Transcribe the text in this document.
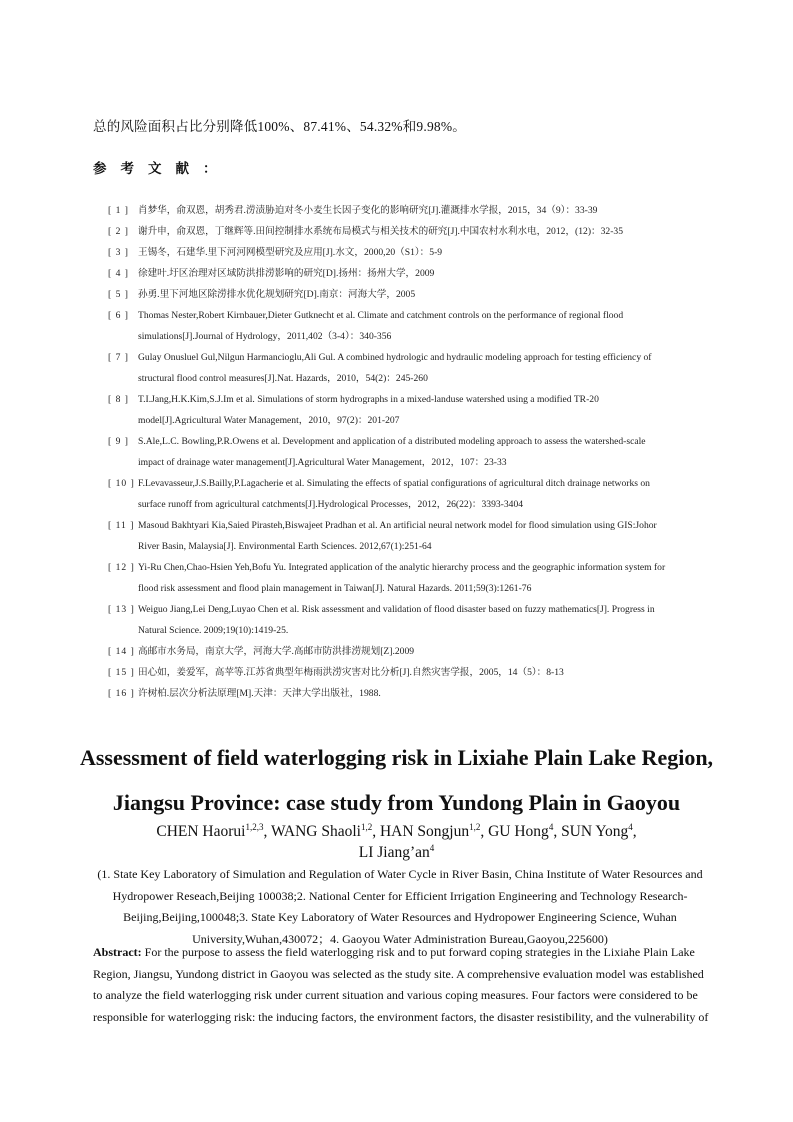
总的风险面积占比分别降低100%、87.41%、54.32%和9.98%。
参考文献：
[ 1 ] 肖梦华，俞双恩，胡秀君.涝渍胁迫对冬小麦生长因子变化的影响研究[J].灌溉排水学报，2015，34（9）：33-39
[ 2 ] 谢升申，俞双恩，丁继辉等.田间控制排水系统布局模式与相关技术的研究[J].中国农村水利水电，2012，(12)：32-35
[ 3 ] 王锡冬，石建华.里下河河网模型研究及应用[J].水文，2000,20（S1）：5-9
[ 4 ] 徐建叶.圩区治理对区域防洪排涝影响的研究[D].扬州：扬州大学，2009
[ 5 ] 孙勇.里下河地区除涝排水优化规划研究[D].南京：河海大学，2005
[ 6 ] Thomas Nester,Robert Kirnbauer,Dieter Gutknecht et al. Climate and catchment controls on the performance of regional flood
simulations[J].Journal of Hydrology，2011,402（3-4）：340-356
[ 7 ] Gulay Onusluel Gul,Nilgun Harmancioglu,Ali Gul. A combined hydrologic and hydraulic modeling approach for testing efficiency of
structural flood control measures[J].Nat. Hazards，2010，54(2)：245-260
[ 8 ] T.I.Jang,H.K.Kim,S.J.Im et al. Simulations of storm hydrographs in a mixed-landuse watershed using a modified TR-20
model[J].Agricultural Water Management，2010，97(2)：201-207
[ 9 ] S.Ale,L.C. Bowling,P.R.Owens et al. Development and application of a distributed modeling approach to assess the watershed-scale
impact of drainage water management[J].Agricultural Water Management，2012，107：23-33
[ 10 ] F.Levavasseur,J.S.Bailly,P.Lagacherie et al. Simulating the effects of spatial configurations of agricultural ditch drainage networks on
surface runoff from agricultural catchments[J].Hydrological Processes，2012，26(22)：3393-3404
[ 11 ] Masoud Bakhtyari Kia,Saied Pirasteh,Biswajeet Pradhan et al. An artificial neural network model for flood simulation using GIS:Johor
River Basin, Malaysia[J]. Environmental Earth Sciences. 2012,67(1):251-64
[ 12 ] Yi-Ru Chen,Chao-Hsien Yeh,Bofu Yu. Integrated application of the analytic hierarchy process and the geographic information system for
flood risk assessment and flood plain management in Taiwan[J]. Natural Hazards. 2011;59(3):1261-76
[ 13 ] Weiguo Jiang,Lei Deng,Luyao Chen et al. Risk assessment and validation of flood disaster based on fuzzy mathematics[J]. Progress in
Natural Science. 2009;19(10):1419-25.
[ 14 ] 高邮市水务局，南京大学，河海大学.高邮市防洪排涝规划[Z].2009
[ 15 ] 田心如，姜爱军，高苹等.江苏省典型年梅雨洪涝灾害对比分析[J].自然灾害学报，2005，14（5）：8-13
[ 16 ] 许树柏.层次分析法原理[M].天津：天津大学出版社，1988.
Assessment of field waterlogging risk in Lixiahe Plain Lake Region,
Jiangsu Province: case study from Yundong Plain in Gaoyou
CHEN Haorui$^{1,2,3}$, WANG Shaoli$^{1,2}$, HAN Songjun$^{1,2}$, GU Hong$^4$, SUN Yong$^4$,
LI $Jiang’an^4$
(1. State Key Laboratory of Simulation and Regulation of Water Cycle in River Basin, China Institute of Water Resources and
Hydropower Reseach,Beijing 100038;2. National Center for Efficient Irrigation Engineering and Technology Research-
Beijing,Beijing,100048;3. State Key Laboratory of Water Resources and Hydropower Engineering Science, Wuhan
University,Wuhan,430072；4. Gaoyou Water Administration Bureau,Gaoyou,225600)
Abstract: For the purpose to assess the field waterlogging risk and to put forward coping strategies in the Lixiahe Plain Lake
Region, Jiangsu, Yundong district in Gaoyou was selected as the study site. A comprehensive evaluation model was established
to analyze the field waterlogging risk under current situation and various coping measures. Four factors were considered to be
responsible for waterlogging risk: the inducing factors, the environment factors, the disaster resistibility, and the vulnerability of
